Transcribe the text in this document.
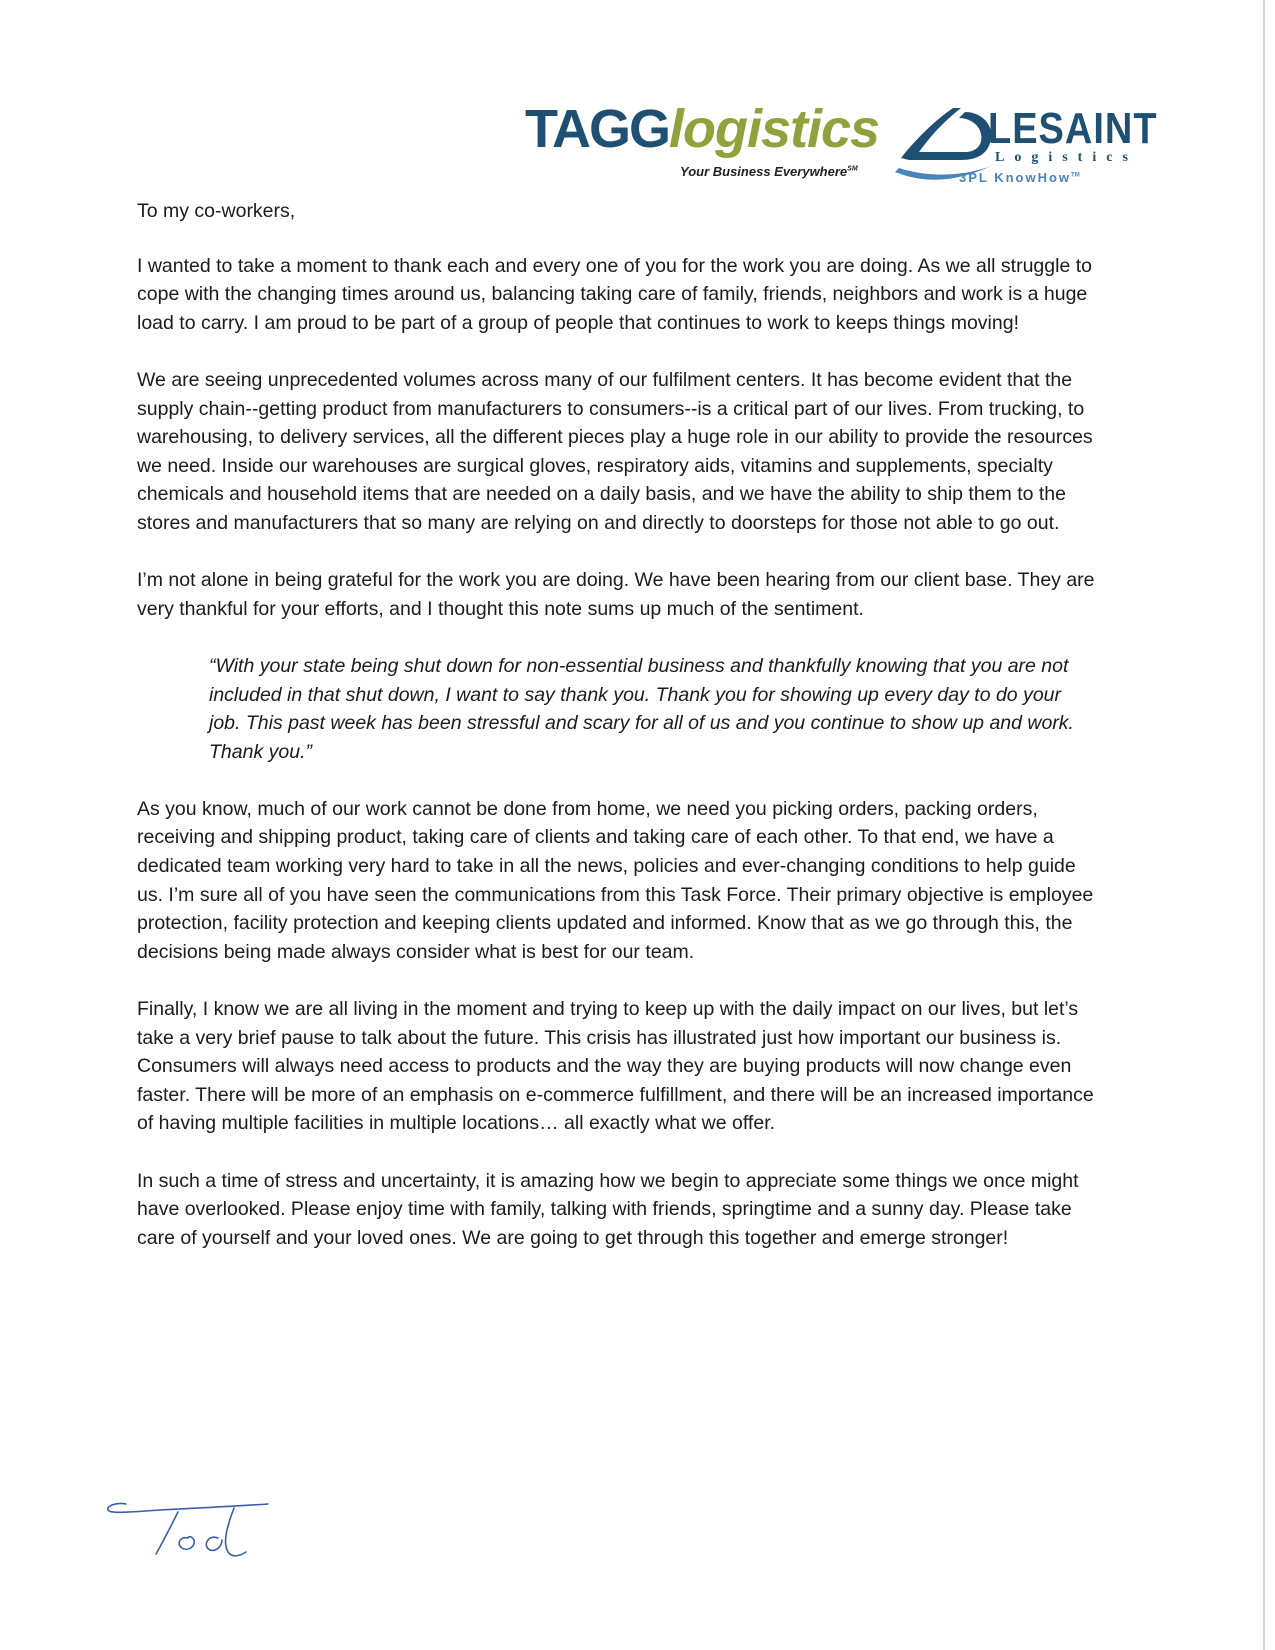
TAGGlogistics
Your Business Everywhere℠
LESAINT
Logistics
3PL KnowHow™

To my co-workers,

I wanted to take a moment to thank each and every one of you for the work you are doing. As we all struggle to cope with the changing times around us, balancing taking care of family, friends, neighbors and work is a huge load to carry. I am proud to be part of a group of people that continues to work to keeps things moving!

We are seeing unprecedented volumes across many of our fulfilment centers. It has become evident that the supply chain--getting product from manufacturers to consumers--is a critical part of our lives. From trucking, to warehousing, to delivery services, all the different pieces play a huge role in our ability to provide the resources we need. Inside our warehouses are surgical gloves, respiratory aids, vitamins and supplements, specialty chemicals and household items that are needed on a daily basis, and we have the ability to ship them to the stores and manufacturers that so many are relying on and directly to doorsteps for those not able to go out.

I’m not alone in being grateful for the work you are doing. We have been hearing from our client base. They are very thankful for your efforts, and I thought this note sums up much of the sentiment.

“With your state being shut down for non-essential business and thankfully knowing that you are not included in that shut down, I want to say thank you. Thank you for showing up every day to do your job. This past week has been stressful and scary for all of us and you continue to show up and work. Thank you.”

As you know, much of our work cannot be done from home, we need you picking orders, packing orders, receiving and shipping product, taking care of clients and taking care of each other. To that end, we have a dedicated team working very hard to take in all the news, policies and ever-changing conditions to help guide us. I’m sure all of you have seen the communications from this Task Force. Their primary objective is employee protection, facility protection and keeping clients updated and informed. Know that as we go through this, the decisions being made always consider what is best for our team.

Finally, I know we are all living in the moment and trying to keep up with the daily impact on our lives, but let’s take a very brief pause to talk about the future. This crisis has illustrated just how important our business is. Consumers will always need access to products and the way they are buying products will now change even faster. There will be more of an emphasis on e-commerce fulfillment, and there will be an increased importance of having multiple facilities in multiple locations… all exactly what we offer.

In such a time of stress and uncertainty, it is amazing how we begin to appreciate some things we once might have overlooked. Please enjoy time with family, talking with friends, springtime and a sunny day. Please take care of yourself and your loved ones. We are going to get through this together and emerge stronger!
